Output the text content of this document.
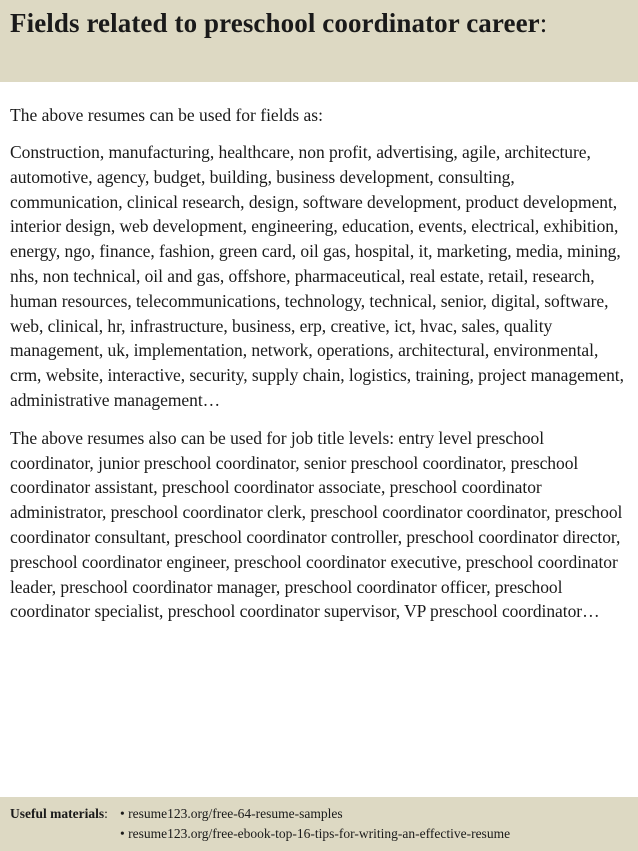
Fields related to preschool coordinator career:

The above resumes can be used for fields as:

Construction, manufacturing, healthcare, non profit, advertising, agile, architecture, automotive, agency, budget, building, business development, consulting, communication, clinical research, design, software development, product development, interior design, web development, engineering, education, events, electrical, exhibition, energy, ngo, finance, fashion, green card, oil gas, hospital, it, marketing, media, mining, nhs, non technical, oil and gas, offshore, pharmaceutical, real estate, retail, research, human resources, telecommunications, technology, technical, senior, digital, software, web, clinical, hr, infrastructure, business, erp, creative, ict, hvac, sales, quality management, uk, implementation, network, operations, architectural, environmental, crm, website, interactive, security, supply chain, logistics, training, project management, administrative management…

The above resumes also can be used for job title levels: entry level preschool coordinator, junior preschool coordinator, senior preschool coordinator, preschool coordinator assistant, preschool coordinator associate, preschool coordinator administrator, preschool coordinator clerk, preschool coordinator coordinator, preschool coordinator consultant, preschool coordinator controller, preschool coordinator director, preschool coordinator engineer, preschool coordinator executive, preschool coordinator leader, preschool coordinator manager, preschool coordinator officer, preschool coordinator specialist, preschool coordinator supervisor, VP preschool coordinator…

Useful materials: • resume123.org/free-64-resume-samples
• resume123.org/free-ebook-top-16-tips-for-writing-an-effective-resume
